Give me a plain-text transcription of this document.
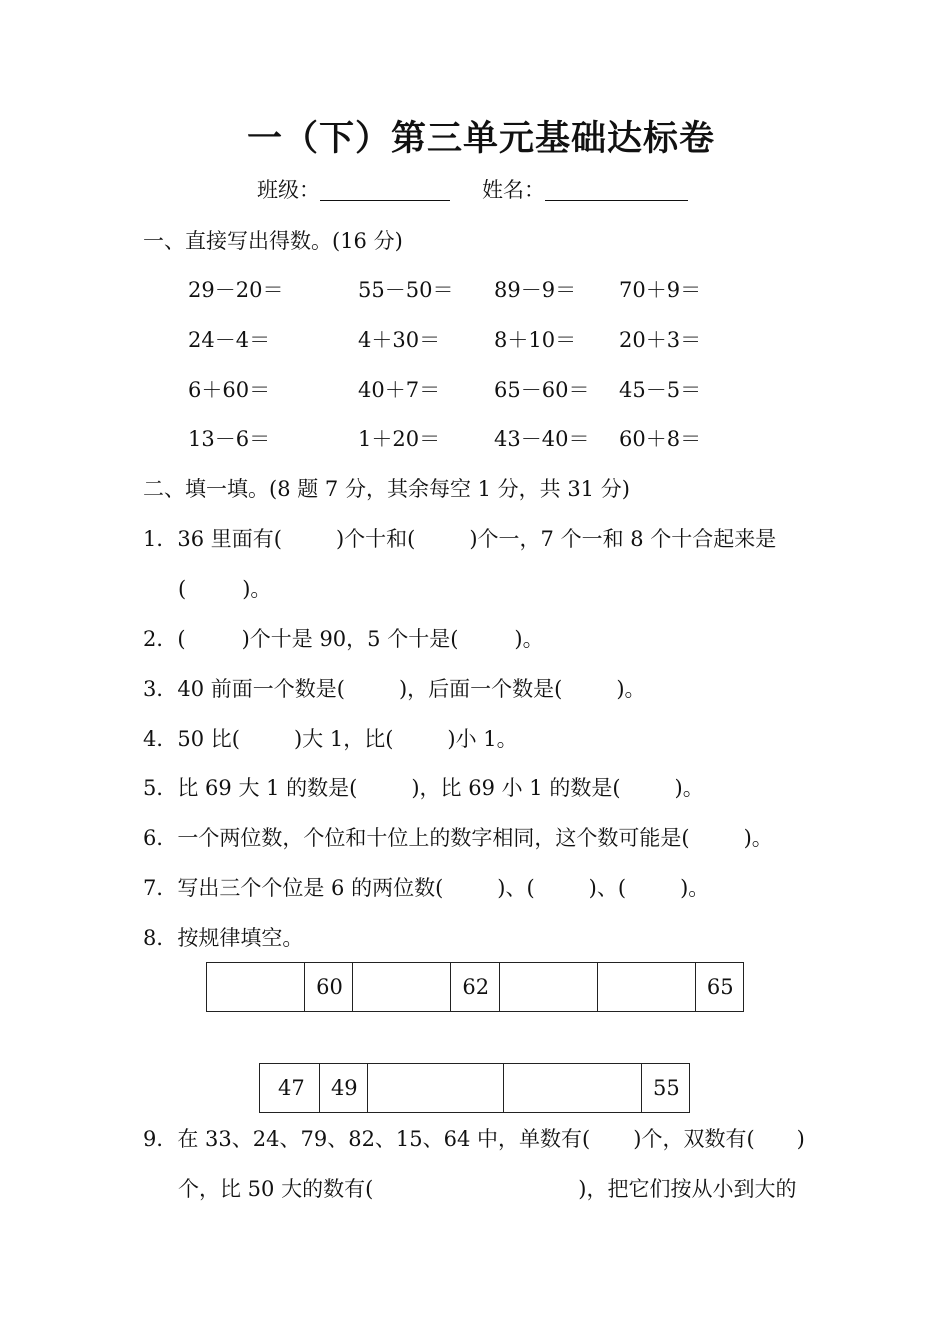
一（下）第三单元基础达标卷
班级：	姓名：
一、直接写出得数。(16 分)
29－20＝	55－50＝ 89－9＝ 70＋9＝
24－4＝	4＋30＝	8＋10＝ 20＋3＝
6＋60＝	40＋7＝	65－60＝ 45－5＝
13－6＝	1＋20＝	43－40＝ 60＋8＝
二、填一填。(8 题 7 分，其余每空 1 分，共 31 分)
1．36 里面有(	)个十和(	)个一，7 个一和 8 个十合起来是
(	)。
2．(	)个十是 90，5 个十是(	)。
3．40 前面一个数是(	)，后面一个数是(	)。
4．50 比(	)大 1，比(	)小 1。
5．比 69 大 1 的数是(	)，比 69 小 1 的数是(	)。
6．一个两位数，个位和十位上的数字相同，这个数可能是(	)。
7．写出三个个位是 6 的两位数(	)、(	)、(	)。
8．按规律填空。
	60		62			65
47	49			55
9．在 33、24、79、82、15、64 中，单数有( )个，双数有( )
个，比 50 大的数有(	)，把它们按从小到大的
